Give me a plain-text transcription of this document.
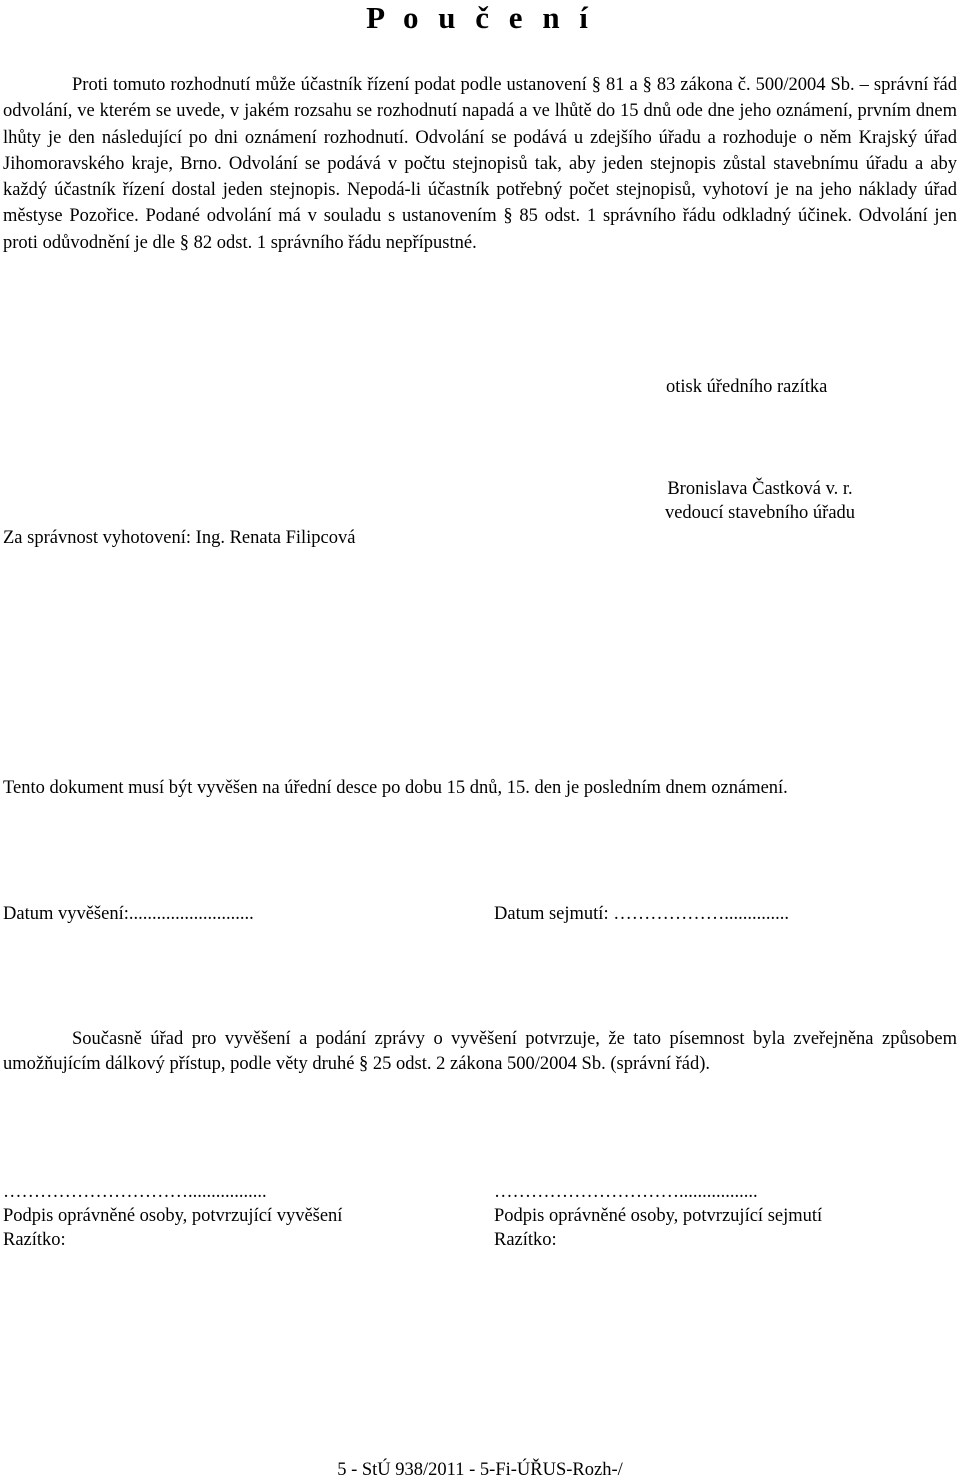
P o u č e n í

Proti tomuto rozhodnutí může účastník řízení podat podle ustanovení § 81 a § 83 zákona č. 500/2004 Sb. – správní řád odvolání, ve kterém se uvede, v jakém rozsahu se rozhodnutí napadá a ve lhůtě do 15 dnů ode dne jeho oznámení, prvním dnem lhůty je den následující po dni oznámení rozhodnutí. Odvolání se podává u zdejšího úřadu a rozhoduje o něm Krajský úřad Jihomoravského kraje, Brno. Odvolání se podává v počtu stejnopisů tak, aby jeden stejnopis zůstal stavebnímu úřadu a aby každý účastník řízení dostal jeden stejnopis. Nepodá-li účastník potřebný počet stejnopisů, vyhotoví je na jeho náklady úřad městyse Pozořice. Podané odvolání má v souladu s ustanovením § 85 odst. 1 správního řádu odkladný účinek. Odvolání jen proti odůvodnění je dle § 82 odst. 1 správního řádu nepřípustné.

otisk úředního razítka
Bronislava Častková v. r.
vedoucí stavebního úřadu
Za správnost vyhotovení: Ing. Renata Filipcová
Tento dokument musí být vyvěšen na úřední desce po dobu 15 dnů, 15. den je posledním dnem oznámení.
Datum vyvěšení:...........................	Datum sejmutí: ………………..............

Současně úřad pro vyvěšení a podání zprávy o vyvěšení potvrzuje, že tato písemnost byla zveřejněna způsobem umožňujícím dálkový přístup, podle věty druhé § 25 odst. 2 zákona 500/2004 Sb. (správní řád).

………………………….................
Podpis oprávněné osoby, potvrzující vyvěšení
Razítko:
………………………….................
Podpis oprávněné osoby, potvrzující sejmutí
Razítko:
5 - StÚ 938/2011 - 5-Fi-ÚŘUS-Rozh-/
